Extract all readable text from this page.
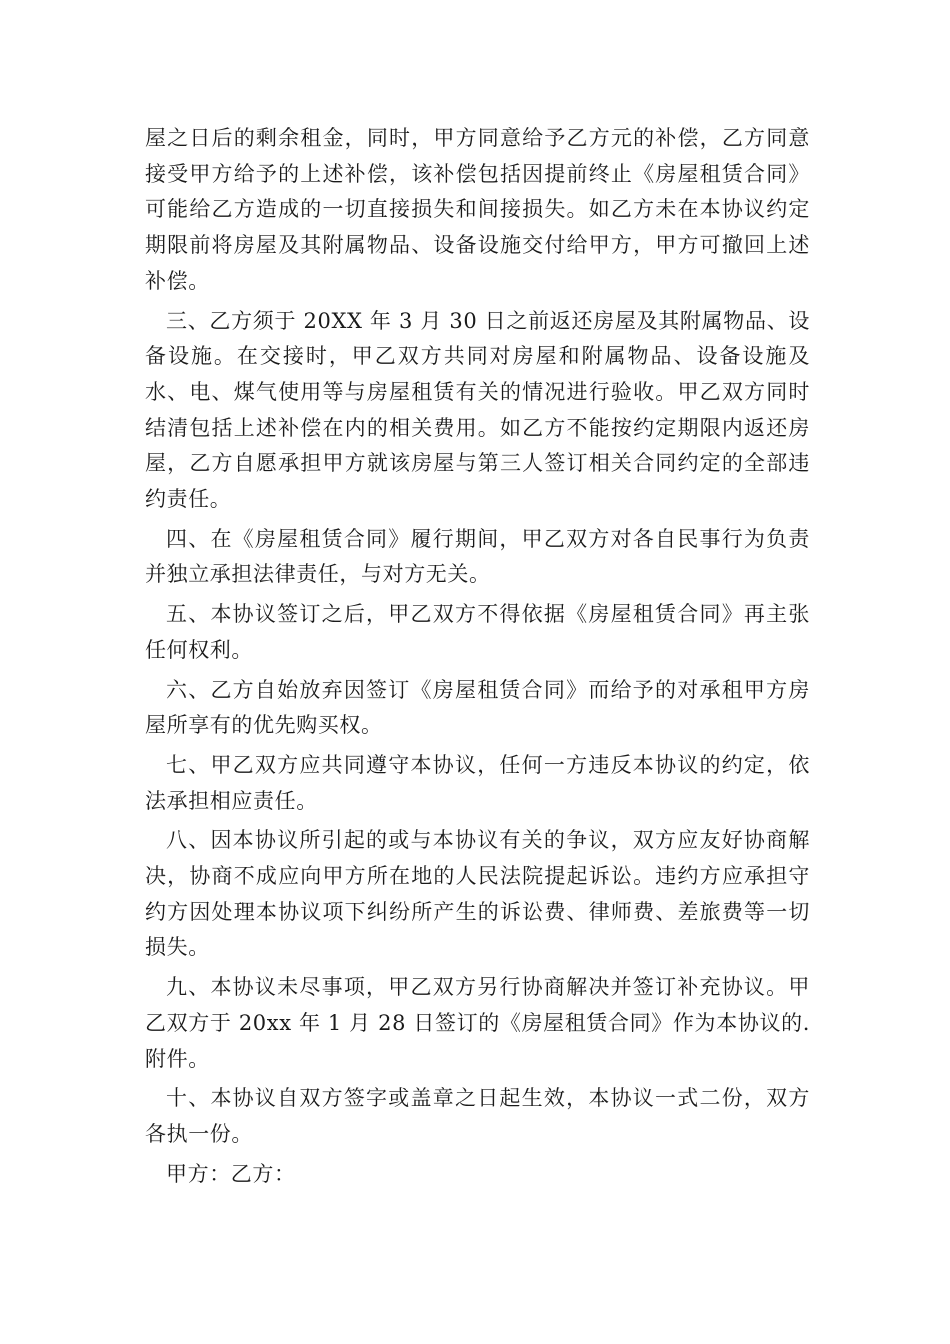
屋之日后的剩余租金，同时，甲方同意给予乙方元的补偿，乙方同意接受甲方给予的上述补偿，该补偿包括因提前终止《房屋租赁合同》可能给乙方造成的一切直接损失和间接损失。如乙方未在本协议约定期限前将房屋及其附属物品、设备设施交付给甲方，甲方可撤回上述补偿。

三、乙方须于 20XX 年 3 月 30 日之前返还房屋及其附属物品、设备设施。在交接时，甲乙双方共同对房屋和附属物品、设备设施及水、电、煤气使用等与房屋租赁有关的情况进行验收。甲乙双方同时结清包括上述补偿在内的相关费用。如乙方不能按约定期限内返还房屋，乙方自愿承担甲方就该房屋与第三人签订相关合同约定的全部违约责任。

四、在《房屋租赁合同》履行期间，甲乙双方对各自民事行为负责并独立承担法律责任，与对方无关。

五、本协议签订之后，甲乙双方不得依据《房屋租赁合同》再主张任何权利。

六、乙方自始放弃因签订《房屋租赁合同》而给予的对承租甲方房屋所享有的优先购买权。

七、甲乙双方应共同遵守本协议，任何一方违反本协议的约定，依法承担相应责任。

八、因本协议所引起的或与本协议有关的争议，双方应友好协商解决，协商不成应向甲方所在地的人民法院提起诉讼。违约方应承担守约方因处理本协议项下纠纷所产生的诉讼费、律师费、差旅费等一切损失。

九、本协议未尽事项，甲乙双方另行协商解决并签订补充协议。甲乙双方于 20xx 年 1 月 28 日签订的《房屋租赁合同》作为本协议的.附件。

十、本协议自双方签字或盖章之日起生效，本协议一式二份，双方各执一份。

甲方：乙方：
